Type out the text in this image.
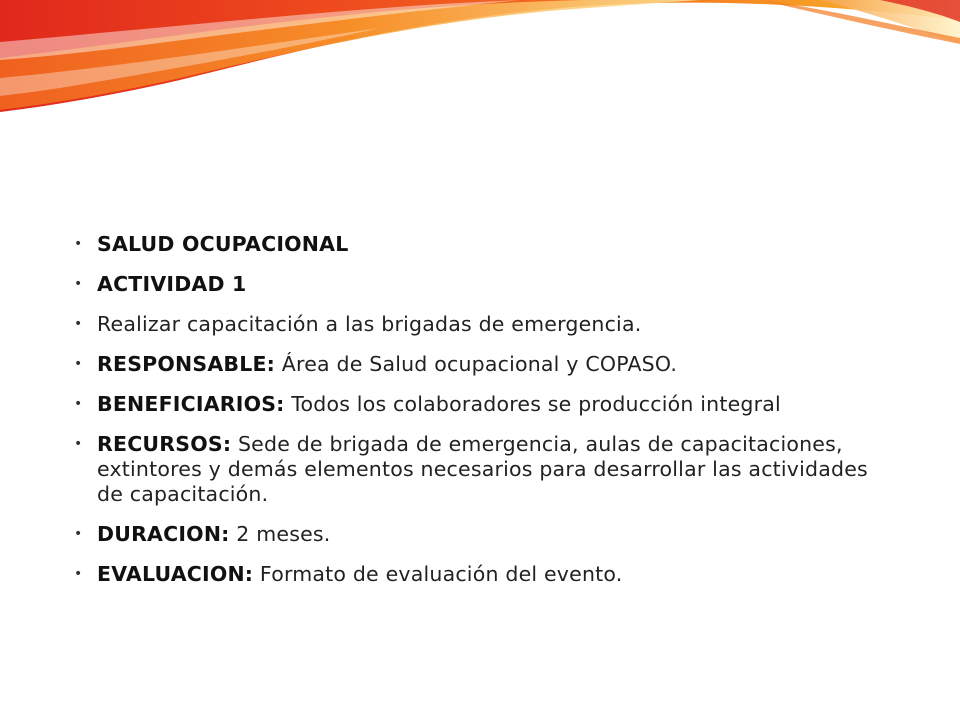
• SALUD OCUPACIONAL
• ACTIVIDAD 1
• Realizar capacitación a las brigadas de emergencia.
• RESPONSABLE: Área de Salud ocupacional y COPASO.
• BENEFICIARIOS: Todos los colaboradores se producción integral
• RECURSOS: Sede de brigada de emergencia, aulas de capacitaciones, extintores y demás elementos necesarios para desarrollar las actividades de capacitación.
• DURACION: 2 meses.
• EVALUACION: Formato de evaluación del evento.
